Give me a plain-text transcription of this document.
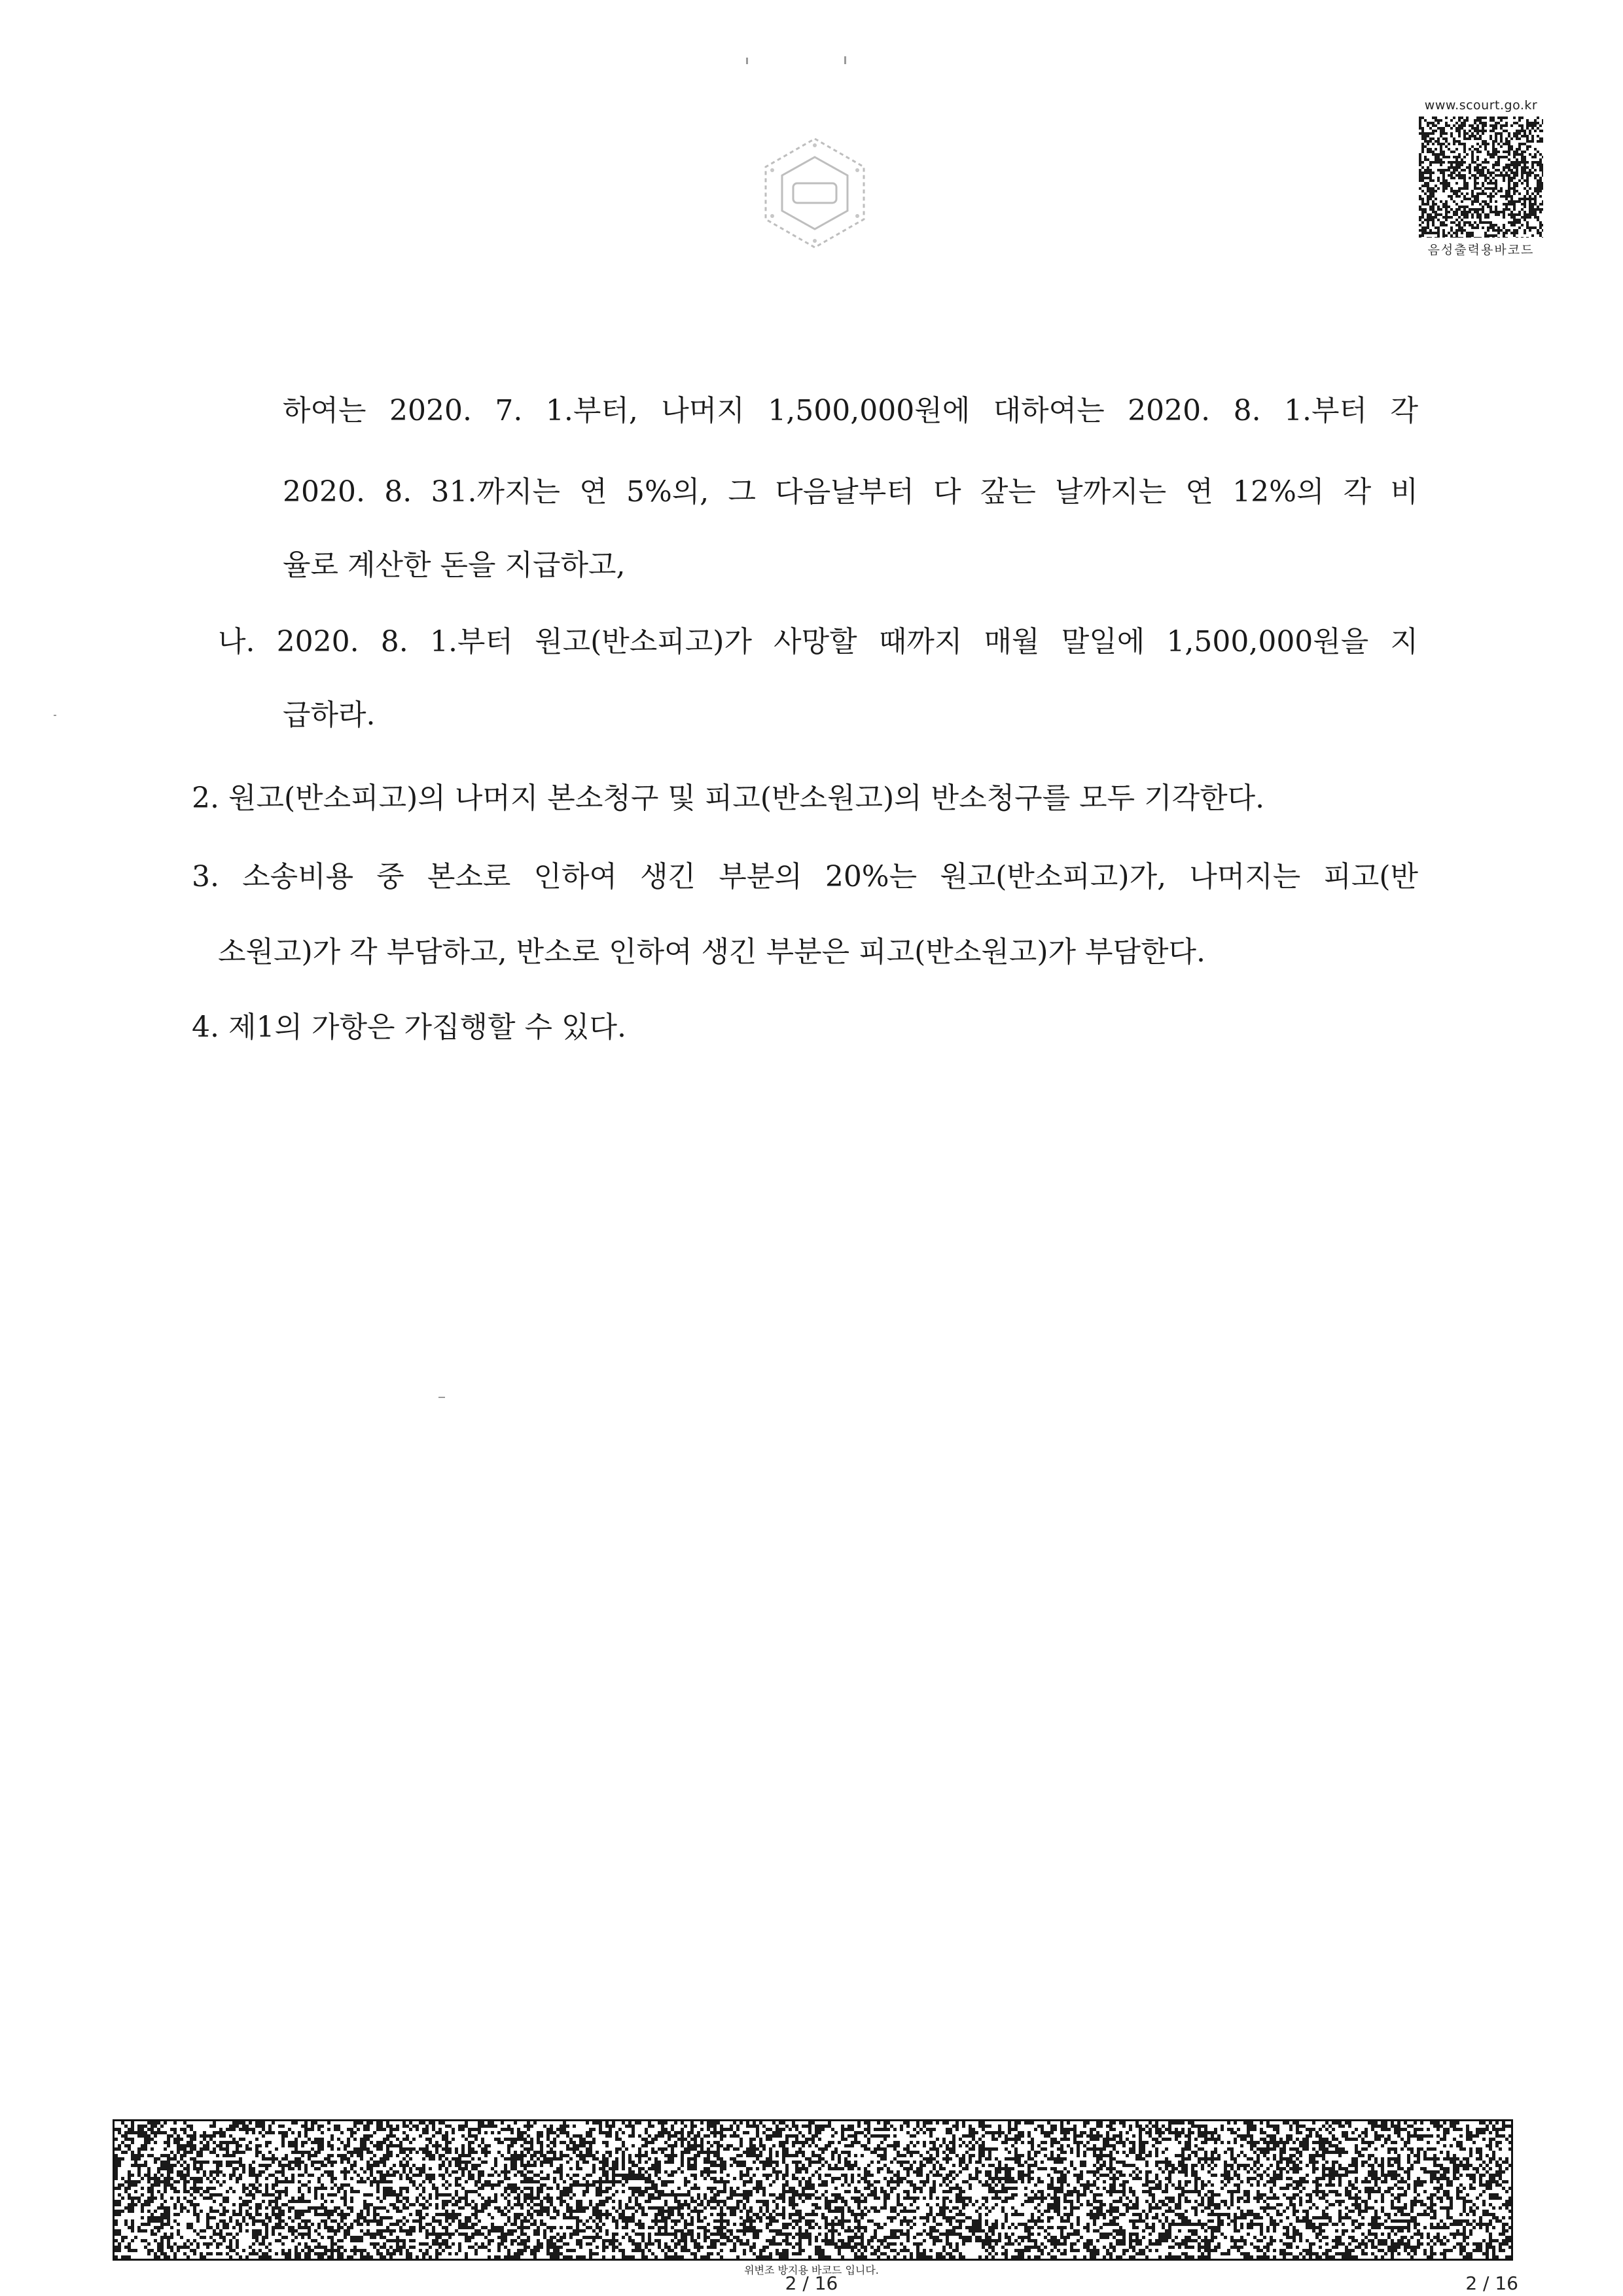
www.scourt.go.kr
음성출력용바코드
하여는 2020. 7. 1.부터, 나머지 1,500,000원에 대하여는 2020. 8. 1.부터 각
2020. 8. 31.까지는 연 5%의, 그 다음날부터 다 갚는 날까지는 연 12%의 각 비
율로 계산한 돈을 지급하고,
나. 2020. 8. 1.부터 원고(반소피고)가 사망할 때까지 매월 말일에 1,500,000원을 지
급하라.
2. 원고(반소피고)의 나머지 본소청구 및 피고(반소원고)의 반소청구를 모두 기각한다.
3. 소송비용 중 본소로 인하여 생긴 부분의 20%는 원고(반소피고)가, 나머지는 피고(반
소원고)가 각 부담하고, 반소로 인하여 생긴 부분은 피고(반소원고)가 부담한다.
4. 제1의 가항은 가집행할 수 있다.
위변조 방지용 바코드 입니다.
2 / 16	2 / 16
